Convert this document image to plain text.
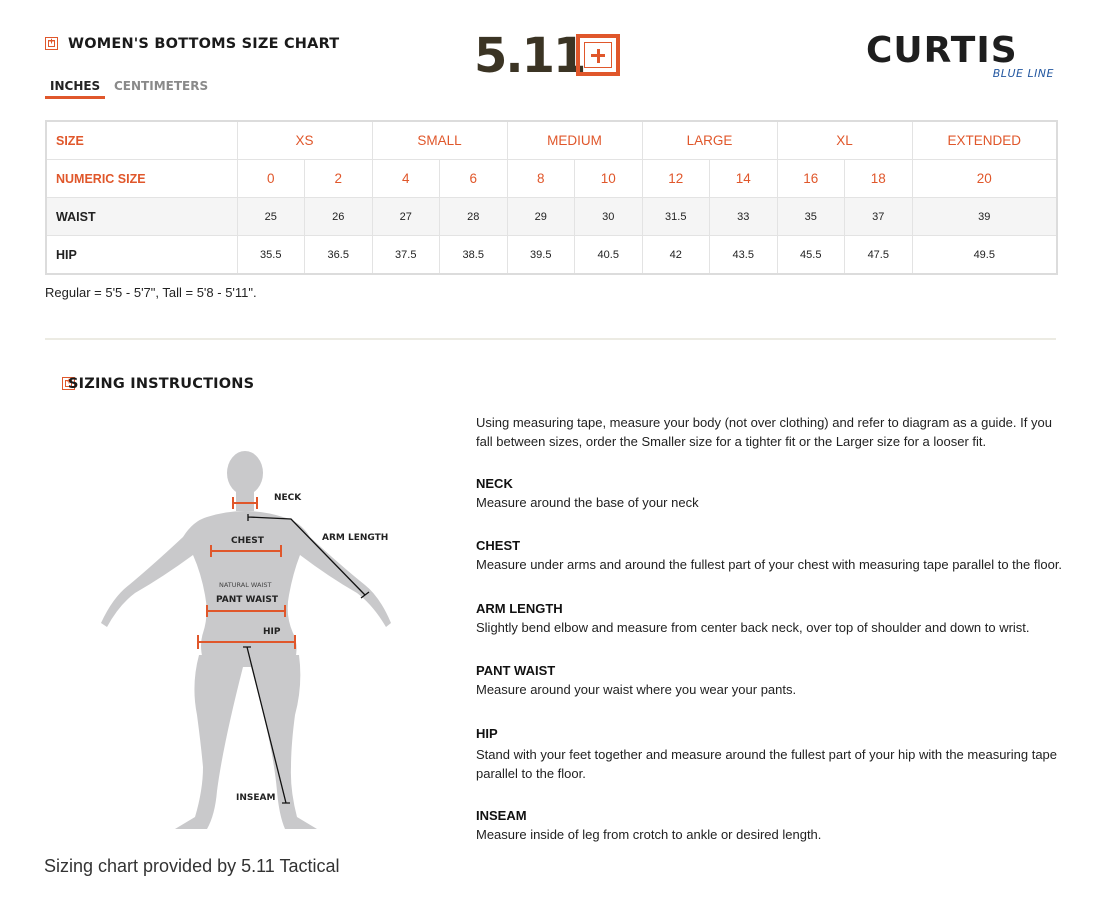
+
WOMEN'S BOTTOMS SIZE CHART	5.11	CURTIS
BLUE LINE
INCHES	CENTIMETERS
SIZE	XS		SMALL		MEDIUM		LARGE		XL		EXTENDED
NUMERIC SIZE	0	2	4	6	8	10	12	14	16	18	20
WAIST	25	26	27	28	29	30	31.5	33	35	37	39
HIP	35.5	36.5	37.5	38.5	39.5	40.5	42	43.5	45.5	47.5	49.5
Regular = 5'5 - 5'7", Tall = 5'8 - 5'11".
+
SIZING INSTRUCTIONS
NECK
ARM LENGTH
CHEST
NATURAL WAIST
PANT WAIST
HIP
INSEAM
Using measuring tape, measure your body (not over clothing) and refer to diagram as a guide. If you fall between sizes, order the Smaller size for a tighter fit or the Larger size for a looser fit.
NECK
Measure around the base of your neck
CHEST
Measure under arms and around the fullest part of your chest with measuring tape parallel to the floor.
ARM LENGTH
Slightly bend elbow and measure from center back neck, over top of shoulder and down to wrist.
PANT WAIST
Measure around your waist where you wear your pants.
HIP
Stand with your feet together and measure around the fullest part of your hip with the measuring tape parallel to the floor.
INSEAM
Measure inside of leg from crotch to ankle or desired length.
Sizing chart provided by 5.11 Tactical
